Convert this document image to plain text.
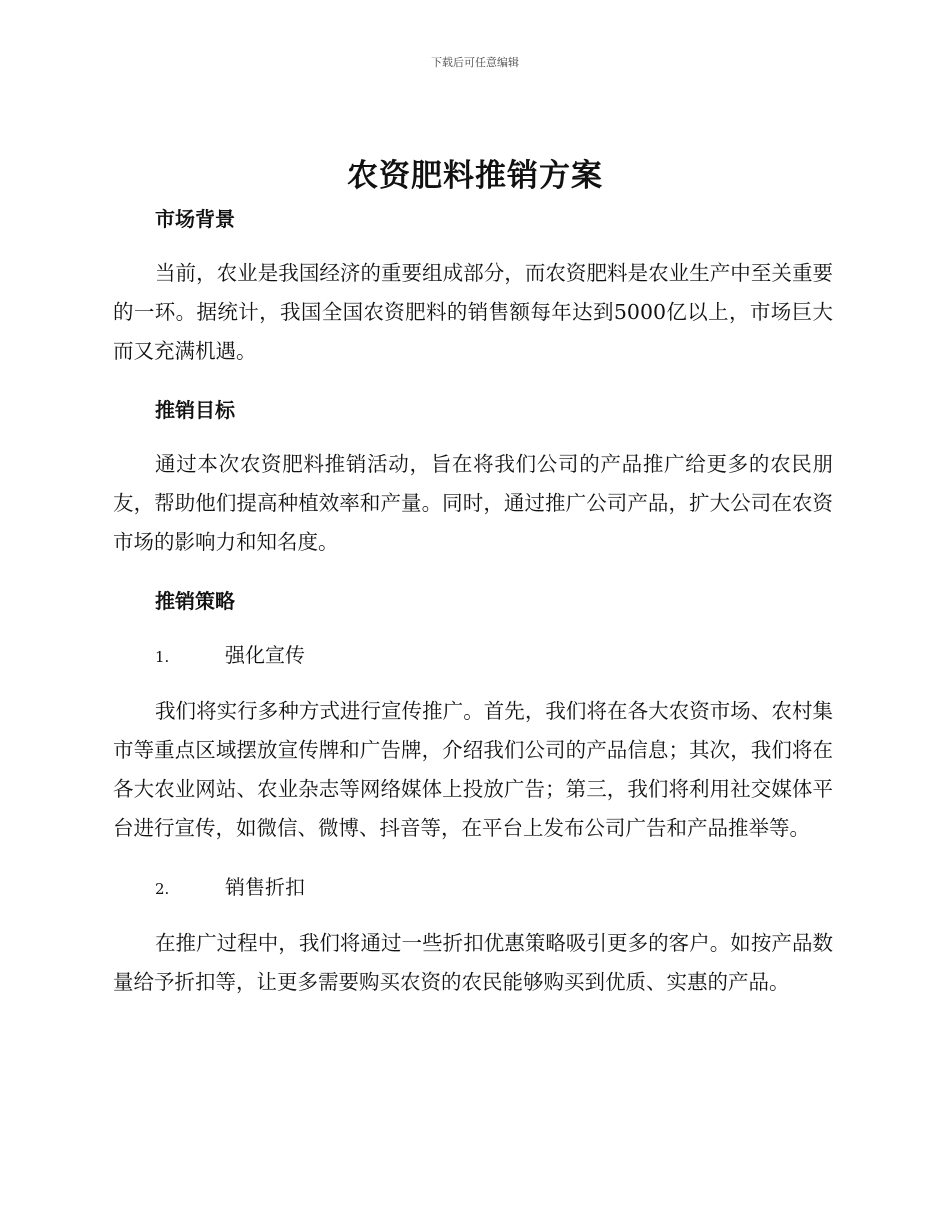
下载后可任意编辑
农资肥料推销方案
市场背景

当前，农业是我国经济的重要组成部分，而农资肥料是农业生产中至关重要的一环。据统计，我国全国农资肥料的销售额每年达到5000亿以上，市场巨大而又充满机遇。

推销目标

通过本次农资肥料推销活动，旨在将我们公司的产品推广给更多的农民朋友，帮助他们提高种植效率和产量。同时，通过推广公司产品，扩大公司在农资市场的影响力和知名度。

推销策略
1.	强化宣传

我们将实行多种方式进行宣传推广。首先，我们将在各大农资市场、农村集市等重点区域摆放宣传牌和广告牌，介绍我们公司的产品信息；其次，我们将在各大农业网站、农业杂志等网络媒体上投放广告；第三，我们将利用社交媒体平台进行宣传，如微信、微博、抖音等，在平台上发布公司广告和产品推举等。

2.	销售折扣

在推广过程中，我们将通过一些折扣优惠策略吸引更多的客户。如按产品数量给予折扣等，让更多需要购买农资的农民能够购买到优质、实惠的产品。
